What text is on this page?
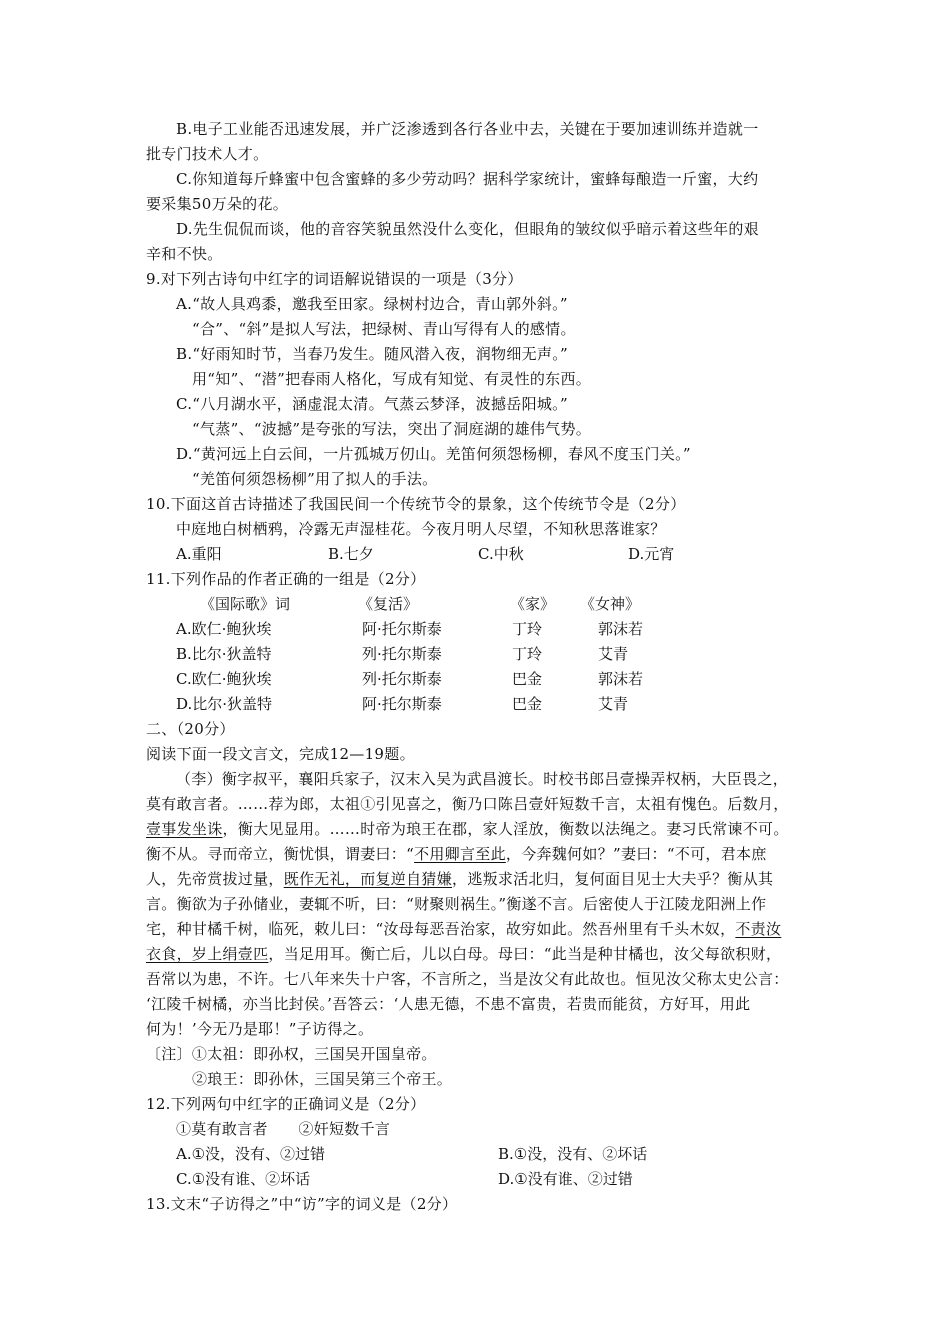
B.电子工业能否迅速发展，并广泛渗透到各行各业中去，关键在于要加速训练并造就一
批专门技术人才。
C.你知道每斤蜂蜜中包含蜜蜂的多少劳动吗？据科学家统计，蜜蜂每酿造一斤蜜，大约
要采集50万朵的花。
D.先生侃侃而谈，他的音容笑貌虽然没什么变化，但眼角的皱纹似乎暗示着这些年的艰
辛和不快。
9.对下列古诗句中红字的词语解说错误的一项是（3分）
A.“故人具鸡黍，邀我至田家。绿树村边合，青山郭外斜。”
“合”、“斜”是拟人写法，把绿树、青山写得有人的感情。
B.“好雨知时节，当春乃发生。随风潜入夜，润物细无声。”
用“知”、“潜”把春雨人格化，写成有知觉、有灵性的东西。
C.“八月湖水平，涵虚混太清。气蒸云梦泽，波撼岳阳城。”
“气蒸”、“波撼”是夸张的写法，突出了洞庭湖的雄伟气势。
D.“黄河远上白云间，一片孤城万仞山。羌笛何须怨杨柳，春风不度玉门关。”
“羌笛何须怨杨柳”用了拟人的手法。
10.下面这首古诗描述了我国民间一个传统节令的景象，这个传统节令是（2分）
中庭地白树栖鸦，冷露无声湿桂花。今夜月明人尽望，不知秋思落谁家？
A.重阳	B.七夕	C.中秋	D.元宵
11.下列作品的作者正确的一组是（2分）
《国际歌》词	《复活》	《家》 《女神》
A.欧仁·鲍狄埃	阿·托尔斯泰	丁玲	郭沫若
B.比尔·狄盖特	列·托尔斯泰	丁玲	艾青
C.欧仁·鲍狄埃	列·托尔斯泰	巴金	郭沫若
D.比尔·狄盖特	阿·托尔斯泰	巴金	艾青
二、（20分）
阅读下面一段文言文，完成12—19题。
（李）衡字叔平，襄阳兵家子，汉末入吴为武昌渡长。时校书郎吕壹操弄权柄，大臣畏之，
莫有敢言者。……荐为郎，太祖①引见喜之，衡乃口陈吕壹奸短数千言，太祖有愧色。后数月，
壹事发坐诛，衡大见显用。……时帝为琅王在郡，家人淫放，衡数以法绳之。妻习氏常谏不可。
衡不从。寻而帝立，衡忧惧，谓妻曰：“不用卿言至此，今奔魏何如？”妻曰：“不可，君本庶
人，先帝赏拔过量，既作无礼，而复逆自猜嫌，逃叛求活北归，复何面目见士大夫乎？衡从其
言。衡欲为子孙储业，妻辄不听，曰：“财聚则祸生。”衡遂不言。后密使人于江陵龙阳洲上作
宅，种甘橘千树，临死，敕儿曰：“汝母每恶吾治家，故穷如此。然吾州里有千头木奴，不责汝
衣食，岁上绢壹匹，当足用耳。衡亡后，儿以白母。母曰：“此当是种甘橘也，汝父每欲积财，
吾常以为患，不许。七八年来失十户客，不言所之，当是汝父有此故也。恒见汝父称太史公言：
‘江陵千树橘，亦当比封侯。’吾答云：‘人患无德，不患不富贵，若贵而能贫，方好耳，用此
何为！’今无乃是耶！”子访得之。
〔注〕①太祖：即孙权，三国吴开国皇帝。
②琅王：即孙休，三国吴第三个帝王。
12.下列两句中红字的正确词义是（2分）
①莫有敢言者　　②奸短数千言
A.①没，没有、②过错	B.①没，没有、②坏话
C.①没有谁、②坏话	D.①没有谁、②过错
13.文末“子访得之”中“访”字的词义是（2分）
